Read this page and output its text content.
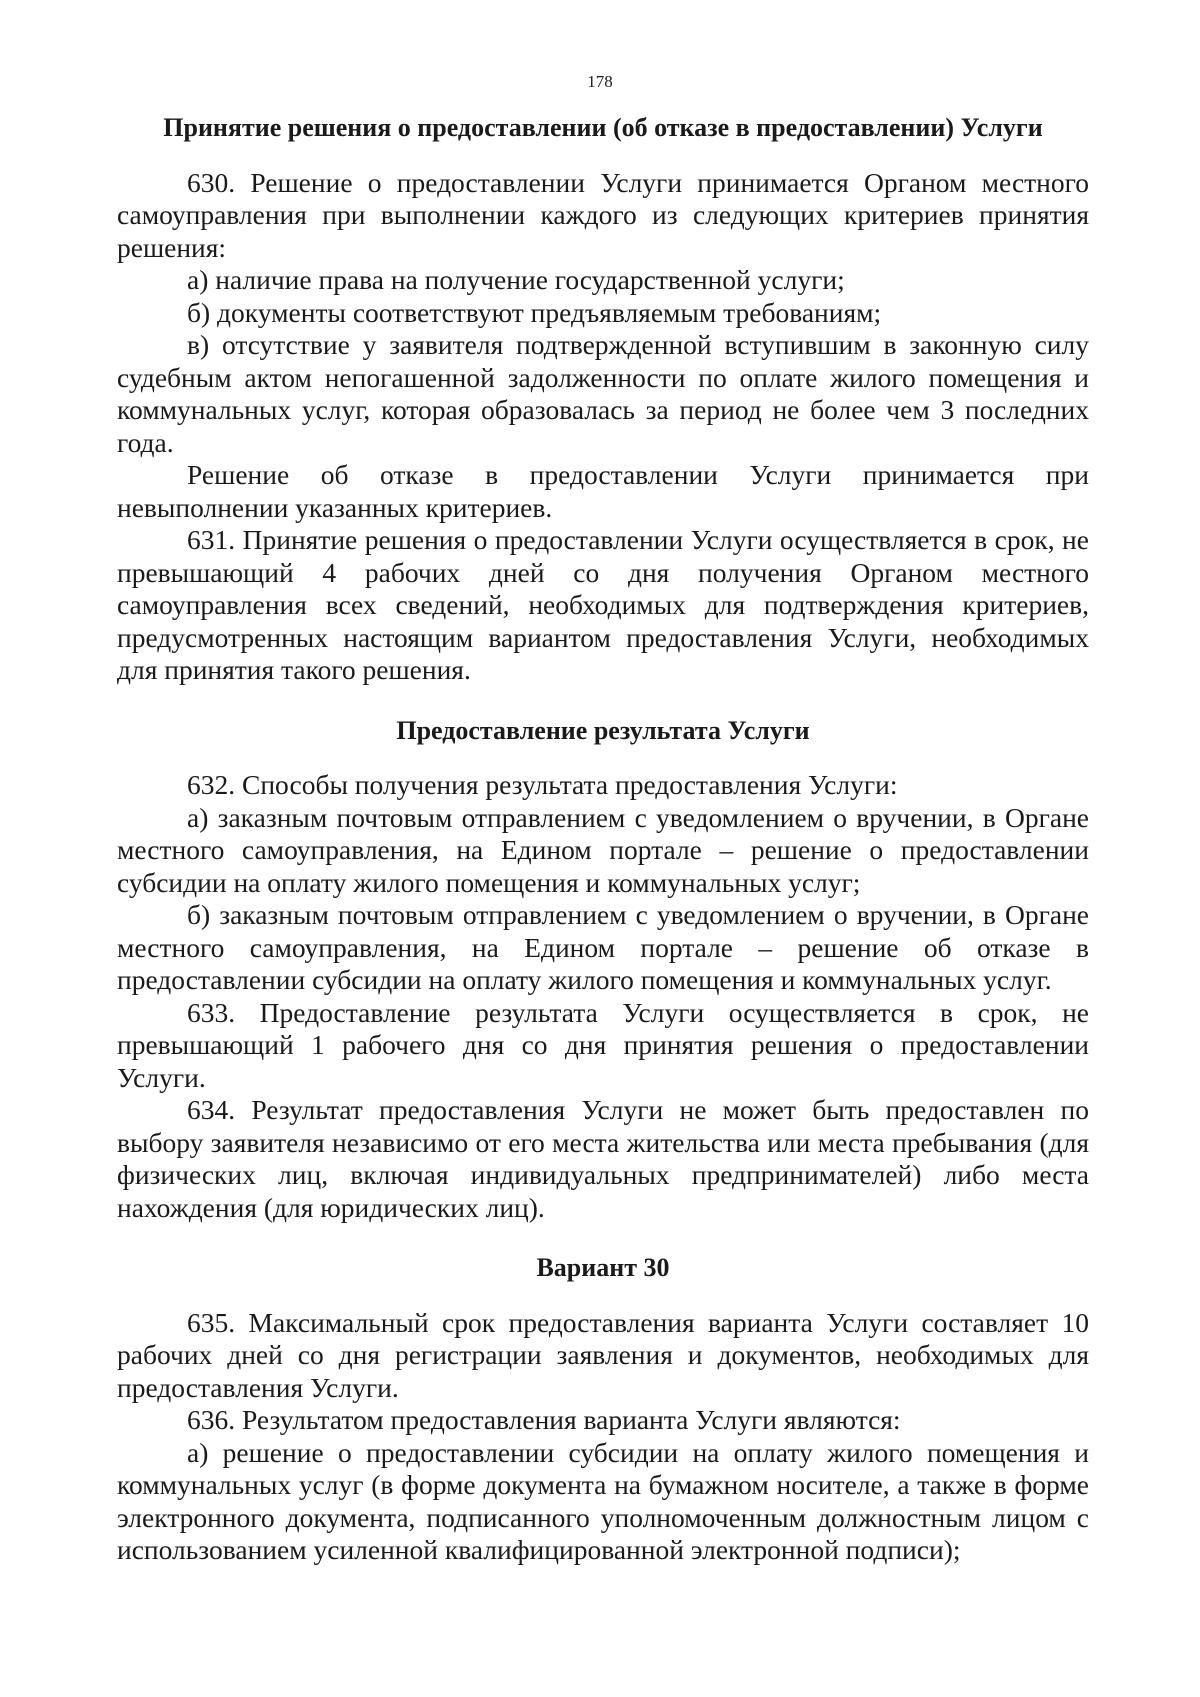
178

Принятие решения о предоставлении (об отказе в предоставлении) Услуги

630. Решение о предоставлении Услуги принимается Органом местного самоуправления при выполнении каждого из следующих критериев принятия решения:

а) наличие права на получение государственной услуги;

б) документы соответствуют предъявляемым требованиям;

в) отсутствие у заявителя подтвержденной вступившим в законную силу судебным актом непогашенной задолженности по оплате жилого помещения и коммунальных услуг, которая образовалась за период не более чем 3 последних года.

Решение об отказе в предоставлении Услуги принимается при невыполнении указанных критериев.

631. Принятие решения о предоставлении Услуги осуществляется в срок, не превышающий 4 рабочих дней со дня получения Органом местного самоуправления всех сведений, необходимых для подтверждения критериев, предусмотренных настоящим вариантом предоставления Услуги, необходимых для принятия такого решения.

Предоставление результата Услуги

632. Способы получения результата предоставления Услуги:

а) заказным почтовым отправлением с уведомлением о вручении, в Органе местного самоуправления, на Едином портале – решение о предоставлении субсидии на оплату жилого помещения и коммунальных услуг;

б) заказным почтовым отправлением с уведомлением о вручении, в Органе местного самоуправления, на Едином портале – решение об отказе в предоставлении субсидии на оплату жилого помещения и коммунальных услуг.

633. Предоставление результата Услуги осуществляется в срок, не превышающий 1 рабочего дня со дня принятия решения о предоставлении Услуги.

634. Результат предоставления Услуги не может быть предоставлен по выбору заявителя независимо от его места жительства или места пребывания (для физических лиц, включая индивидуальных предпринимателей) либо места нахождения (для юридических лиц).

Вариант 30

635. Максимальный срок предоставления варианта Услуги составляет 10 рабочих дней со дня регистрации заявления и документов, необходимых для предоставления Услуги.

636. Результатом предоставления варианта Услуги являются:

а) решение о предоставлении субсидии на оплату жилого помещения и коммунальных услуг (в форме документа на бумажном носителе, а также в форме электронного документа, подписанного уполномоченным должностным лицом с использованием усиленной квалифицированной электронной подписи);
